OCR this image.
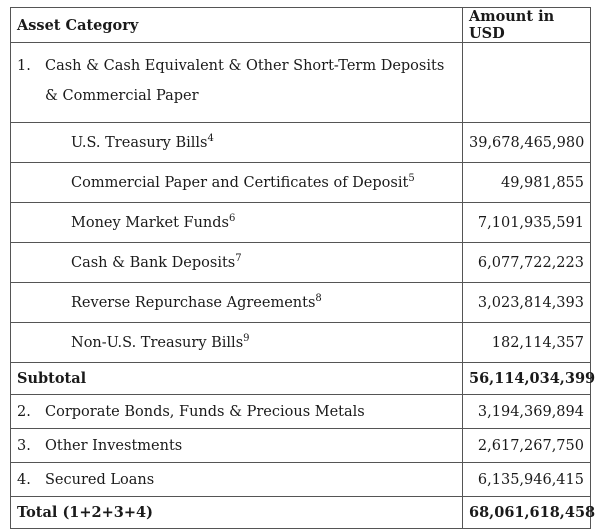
Asset Category	Amount in USD

1. Cash & Cash Equivalent & Other Short-Term Deposits & Commercial Paper	

U.S. Treasury Bills$^4$	39,678,465,980
Commercial Paper and Certificates of Deposit$^5$	49,981,855
Money Market Funds$^6$	7,101,935,591
Cash & Bank Deposits$^7$	6,077,722,223
Reverse Repurchase Agreements$^8$	3,023,814,393
Non-U.S. Treasury Bills$^9$	182,114,357
Subtotal	56,114,034,399
2. Corporate Bonds, Funds & Precious Metals	3,194,369,894
3. Other Investments	2,617,267,750
4. Secured Loans	6,135,946,415
Total (1+2+3+4)	68,061,618,458
